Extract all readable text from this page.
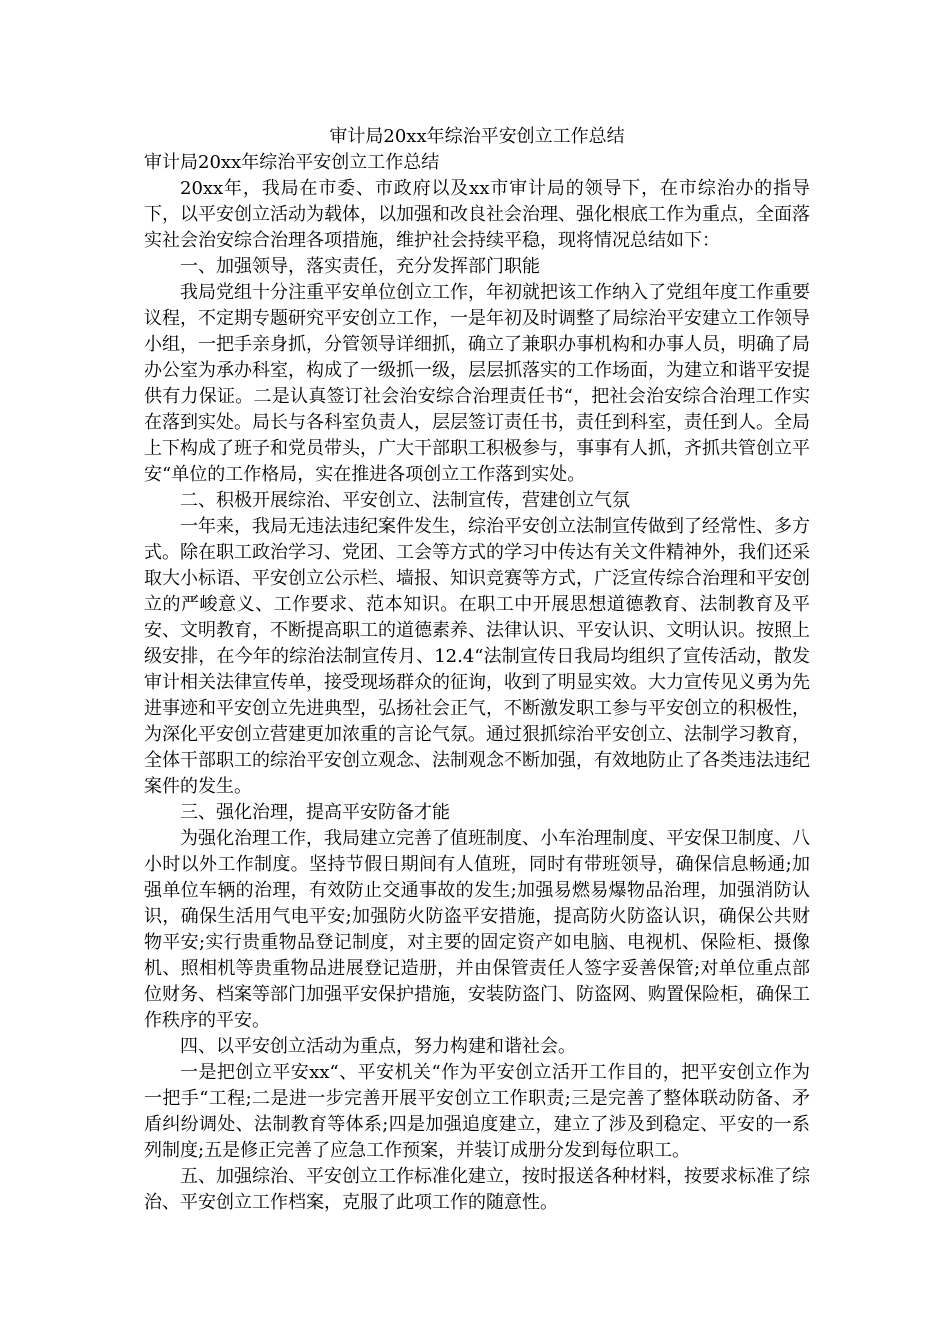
审计局20xx年综治平安创立工作总结
审计局20xx年综治平安创立工作总结

20xx年，我局在市委、市政府以及xx市审计局的领导下，在市综治办的指导下，以平安创立活动为载体，以加强和改良社会治理、强化根底工作为重点，全面落实社会治安综合治理各项措施，维护社会持续平稳，现将情况总结如下：

一、加强领导，落实责任，充分发挥部门职能

我局党组十分注重平安单位创立工作，年初就把该工作纳入了党组年度工作重要议程，不定期专题研究平安创立工作，一是年初及时调整了局综治平安建立工作领导小组，一把手亲身抓，分管领导详细抓，确立了兼职办事机构和办事人员，明确了局办公室为承办科室，构成了一级抓一级，层层抓落实的工作场面，为建立和谐平安提供有力保证。二是认真签订社会治安综合治理责任书“，把社会治安综合治理工作实在落到实处。局长与各科室负责人，层层签订责任书，责任到科室，责任到人。全局上下构成了班子和党员带头，广大干部职工积极参与，事事有人抓，齐抓共管创立平安“单位的工作格局，实在推进各项创立工作落到实处。

二、积极开展综治、平安创立、法制宣传，营建创立气氛

一年来，我局无违法违纪案件发生，综治平安创立法制宣传做到了经常性、多方式。除在职工政治学习、党团、工会等方式的学习中传达有关文件精神外，我们还采取大小标语、平安创立公示栏、墙报、知识竞赛等方式，广泛宣传综合治理和平安创立的严峻意义、工作要求、范本知识。在职工中开展思想道德教育、法制教育及平安、文明教育，不断提高职工的道德素养、法律认识、平安认识、文明认识。按照上级安排，在今年的综治法制宣传月、12.4“法制宣传日我局均组织了宣传活动，散发审计相关法律宣传单，接受现场群众的征询，收到了明显实效。大力宣传见义勇为先进事迹和平安创立先进典型，弘扬社会正气，不断激发职工参与平安创立的积极性，为深化平安创立营建更加浓重的言论气氛。通过狠抓综治平安创立、法制学习教育，全体干部职工的综治平安创立观念、法制观念不断加强，有效地防止了各类违法违纪案件的发生。

三、强化治理，提高平安防备才能

为强化治理工作，我局建立完善了值班制度、小车治理制度、平安保卫制度、八小时以外工作制度。坚持节假日期间有人值班，同时有带班领导，确保信息畅通;加强单位车辆的治理，有效防止交通事故的发生;加强易燃易爆物品治理，加强消防认识，确保生活用气电平安;加强防火防盗平安措施，提高防火防盗认识，确保公共财物平安;实行贵重物品登记制度，对主要的固定资产如电脑、电视机、保险柜、摄像机、照相机等贵重物品进展登记造册，并由保管责任人签字妥善保管;对单位重点部位财务、档案等部门加强平安保护措施，安装防盗门、防盗网、购置保险柜，确保工作秩序的平安。

四、以平安创立活动为重点，努力构建和谐社会。

一是把创立平安xx“、平安机关“作为平安创立活开工作目的，把平安创立作为一把手“工程;二是进一步完善开展平安创立工作职责;三是完善了整体联动防备、矛盾纠纷调处、法制教育等体系;四是加强追度建立，建立了涉及到稳定、平安的一系列制度;五是修正完善了应急工作预案，并装订成册分发到每位职工。

五、加强综治、平安创立工作标准化建立，按时报送各种材料，按要求标准了综治、平安创立工作档案，克服了此项工作的随意性。
